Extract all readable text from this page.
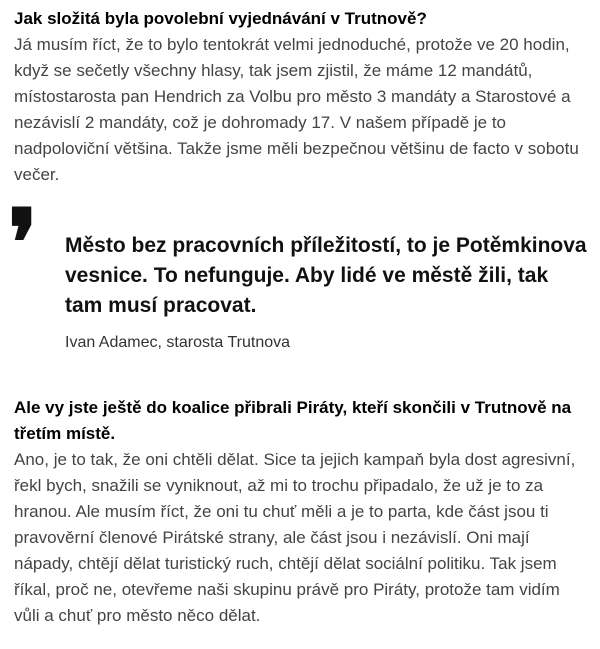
Jak složitá byla povolební vyjednávání v Trutnově?

Já musím říct, že to bylo tentokrát velmi jednoduché, protože ve 20 hodin, když se sečetly všechny hlasy, tak jsem zjistil, že máme 12 mandátů, místostarosta pan Hendrich za Volbu pro město 3 mandáty a Starostové a nezávislí 2 mandáty, což je dohromady 17. V našem případě je to nadpoloviční většina. Takže jsme měli bezpečnou většinu de facto v sobotu večer.

❜ Město bez pracovních příležitostí, to je Potěmkinova vesnice. To nefunguje. Aby lidé ve městě žili, tak tam musí pracovat.

Ivan Adamec, starosta Trutnova

Ale vy jste ještě do koalice přibrali Piráty, kteří skončili v Trutnově na třetím místě.

Ano, je to tak, že oni chtěli dělat. Sice ta jejich kampaň byla dost agresivní, řekl bych, snažili se vyniknout, až mi to trochu připadalo, že už je to za hranou. Ale musím říct, že oni tu chuť měli a je to parta, kde část jsou ti pravověrní členové Pirátské strany, ale část jsou i nezávislí. Oni mají nápady, chtějí dělat turistický ruch, chtějí dělat sociální politiku. Tak jsem říkal, proč ne, otevřeme naši skupinu právě pro Piráty, protože tam vidím vůli a chuť pro město něco dělat.
